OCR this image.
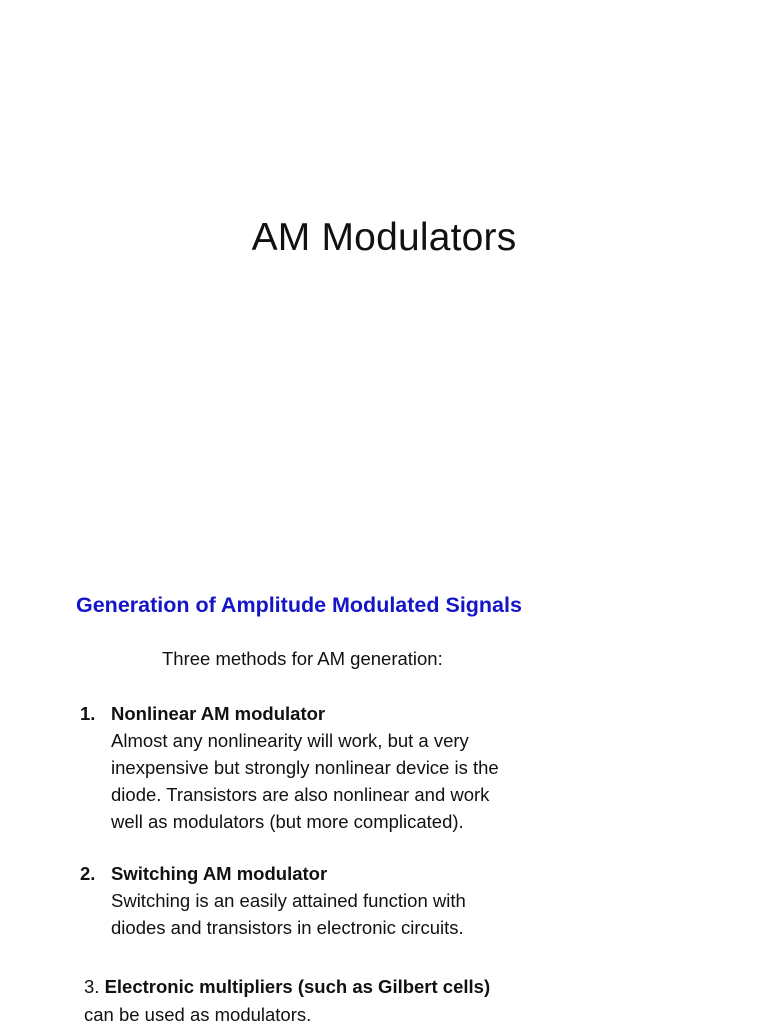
AM Modulators
Generation of Amplitude Modulated Signals
Three methods for AM generation:
1. Nonlinear AM modulator
Almost any nonlinearity will work, but a very
inexpensive but strongly nonlinear device is the
diode. Transistors are also nonlinear and work
well as modulators (but more complicated).
2. Switching AM modulator
Switching is an easily attained function with
diodes and transistors in electronic circuits.
3. Electronic multipliers (such as Gilbert cells)
can be used as modulators.
